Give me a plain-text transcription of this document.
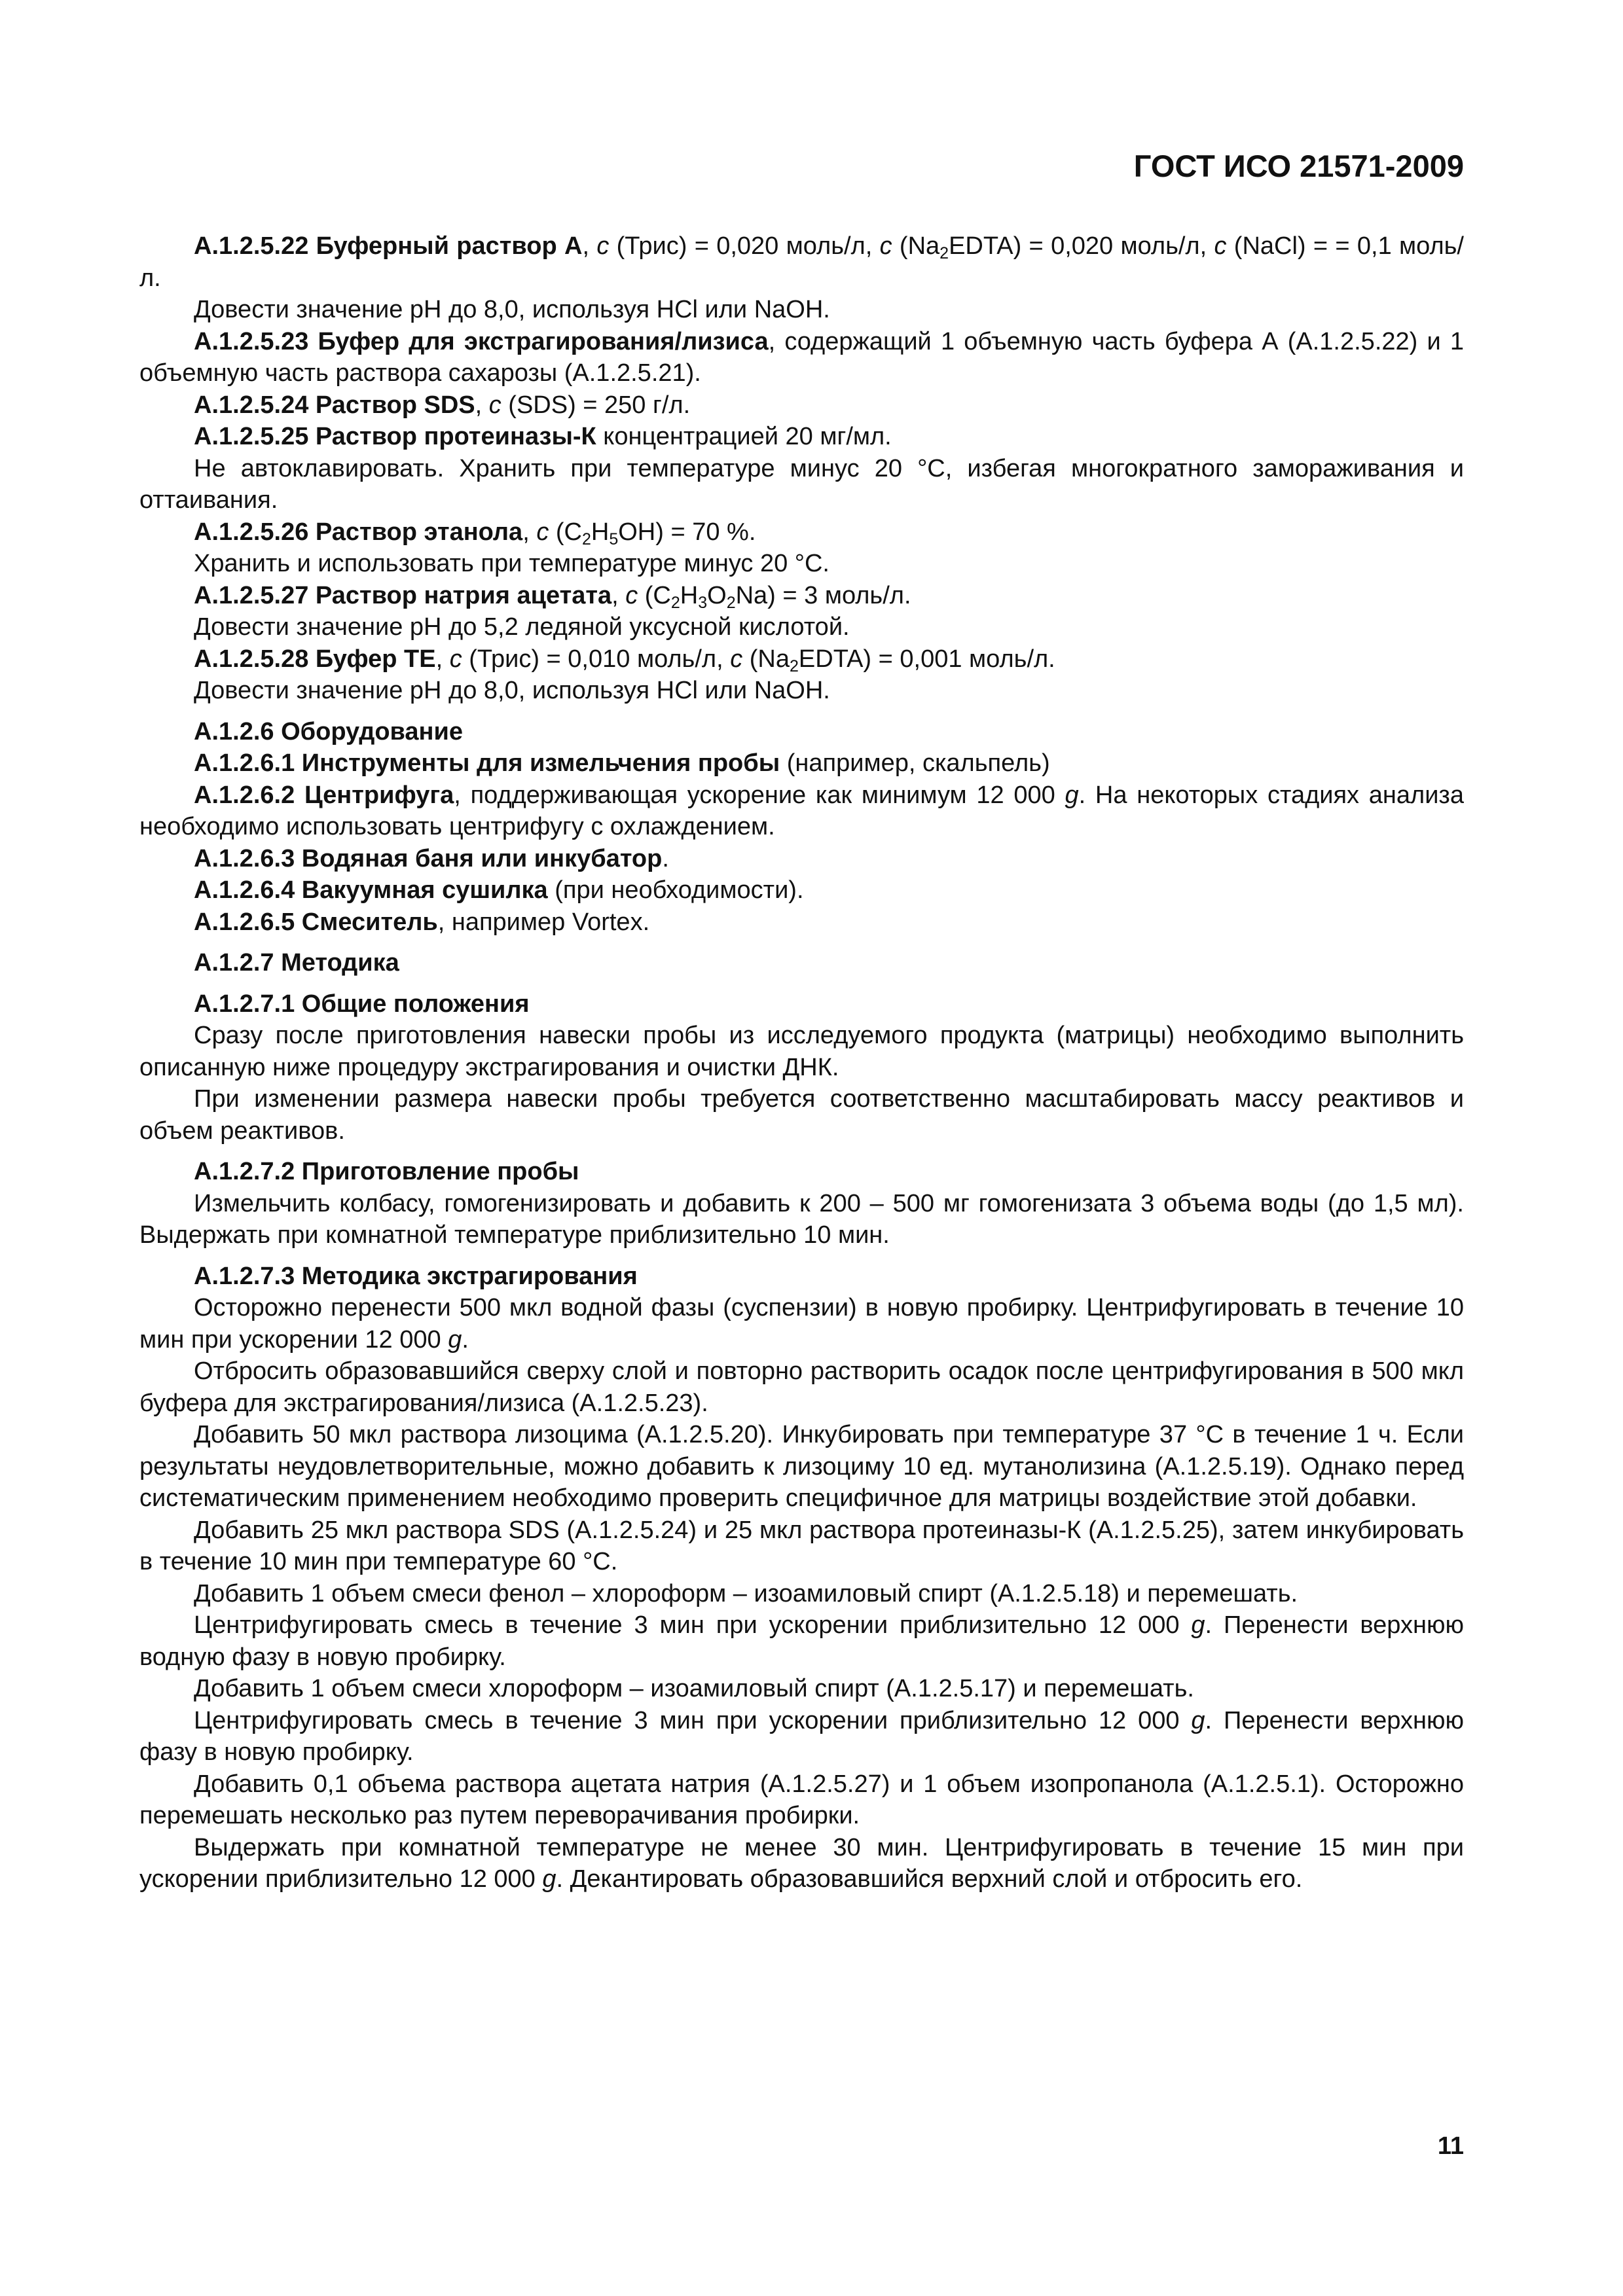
ГОСТ ИСО 21571-2009

А.1.2.5.22 Буферный раствор А, c (Трис) = 0,020 моль/л, c $(Na_2EDTA) = 0,020$ моль/л, c (NaCl) = = 0,1 моль/л.

Довести значение pH до 8,0, используя HCl или NaOH.

А.1.2.5.23 Буфер для экстрагирования/лизиса, содержащий 1 объемную часть буфера А (А.1.2.5.22) и 1 объемную часть раствора сахарозы (А.1.2.5.21).

А.1.2.5.24 Раствор SDS, c (SDS) = 250 г/л.

А.1.2.5.25 Раствор протеиназы-К концентрацией 20 мг/мл.

Не автоклавировать. Хранить при температуре минус 20 °С, избегая многократного замораживания и оттаивания.

А.1.2.5.26 Раствор этанола, c $(C_2H_5OH) = 70$ %.

Хранить и использовать при температуре минус 20 °С.

А.1.2.5.27 Раствор натрия ацетата, c $(C_2H_3O_2Na) = 3$ моль/л.

Довести значение pH до 5,2 ледяной уксусной кислотой.

А.1.2.5.28 Буфер ТЕ, c (Трис) = 0,010 моль/л, c $(Na_2EDTA) = 0,001$ моль/л.

Довести значение pH до 8,0, используя HCl или NaOH.

А.1.2.6 Оборудование

А.1.2.6.1 Инструменты для измельчения пробы (например, скальпель)

А.1.2.6.2 Центрифуга, поддерживающая ускорение как минимум 12 000 g. На некоторых стадиях анализа необходимо использовать центрифугу с охлаждением.

А.1.2.6.3 Водяная баня или инкубатор.

А.1.2.6.4 Вакуумная сушилка (при необходимости).

А.1.2.6.5 Смеситель, например Vortex.

А.1.2.7 Методика

А.1.2.7.1 Общие положения

Сразу после приготовления навески пробы из исследуемого продукта (матрицы) необходимо выполнить описанную ниже процедуру экстрагирования и очистки ДНК.

При изменении размера навески пробы требуется соответственно масштабировать массу реактивов и объем реактивов.

А.1.2.7.2 Приготовление пробы

Измельчить колбасу, гомогенизировать и добавить к 200 – 500 мг гомогенизата 3 объема воды (до 1,5 мл). Выдержать при комнатной температуре приблизительно 10 мин.

А.1.2.7.3 Методика экстрагирования

Осторожно перенести 500 мкл водной фазы (суспензии) в новую пробирку. Центрифугировать в течение 10 мин при ускорении 12 000 g.

Отбросить образовавшийся сверху слой и повторно растворить осадок после центрифугирования в 500 мкл буфера для экстрагирования/лизиса (А.1.2.5.23).

Добавить 50 мкл раствора лизоцима (А.1.2.5.20). Инкубировать при температуре 37 °С в течение 1 ч. Если результаты неудовлетворительные, можно добавить к лизоциму 10 ед. мутанолизина (А.1.2.5.19). Однако перед систематическим применением необходимо проверить специфичное для матрицы воздействие этой добавки.

Добавить 25 мкл раствора SDS (А.1.2.5.24) и 25 мкл раствора протеиназы-К (А.1.2.5.25), затем инкубировать в течение 10 мин при температуре 60 °С.

Добавить 1 объем смеси фенол – хлороформ – изоамиловый спирт (А.1.2.5.18) и перемешать.

Центрифугировать смесь в течение 3 мин при ускорении приблизительно 12 000 g. Перенести верхнюю водную фазу в новую пробирку.

Добавить 1 объем смеси хлороформ – изоамиловый спирт (А.1.2.5.17) и перемешать.

Центрифугировать смесь в течение 3 мин при ускорении приблизительно 12 000 g. Перенести верхнюю фазу в новую пробирку.

Добавить 0,1 объема раствора ацетата натрия (А.1.2.5.27) и 1 объем изопропанола (А.1.2.5.1). Осторожно перемешать несколько раз путем переворачивания пробирки.

Выдержать при комнатной температуре не менее 30 мин. Центрифугировать в течение 15 мин при ускорении приблизительно 12 000 g. Декантировать образовавшийся верхний слой и отбросить его.

11
